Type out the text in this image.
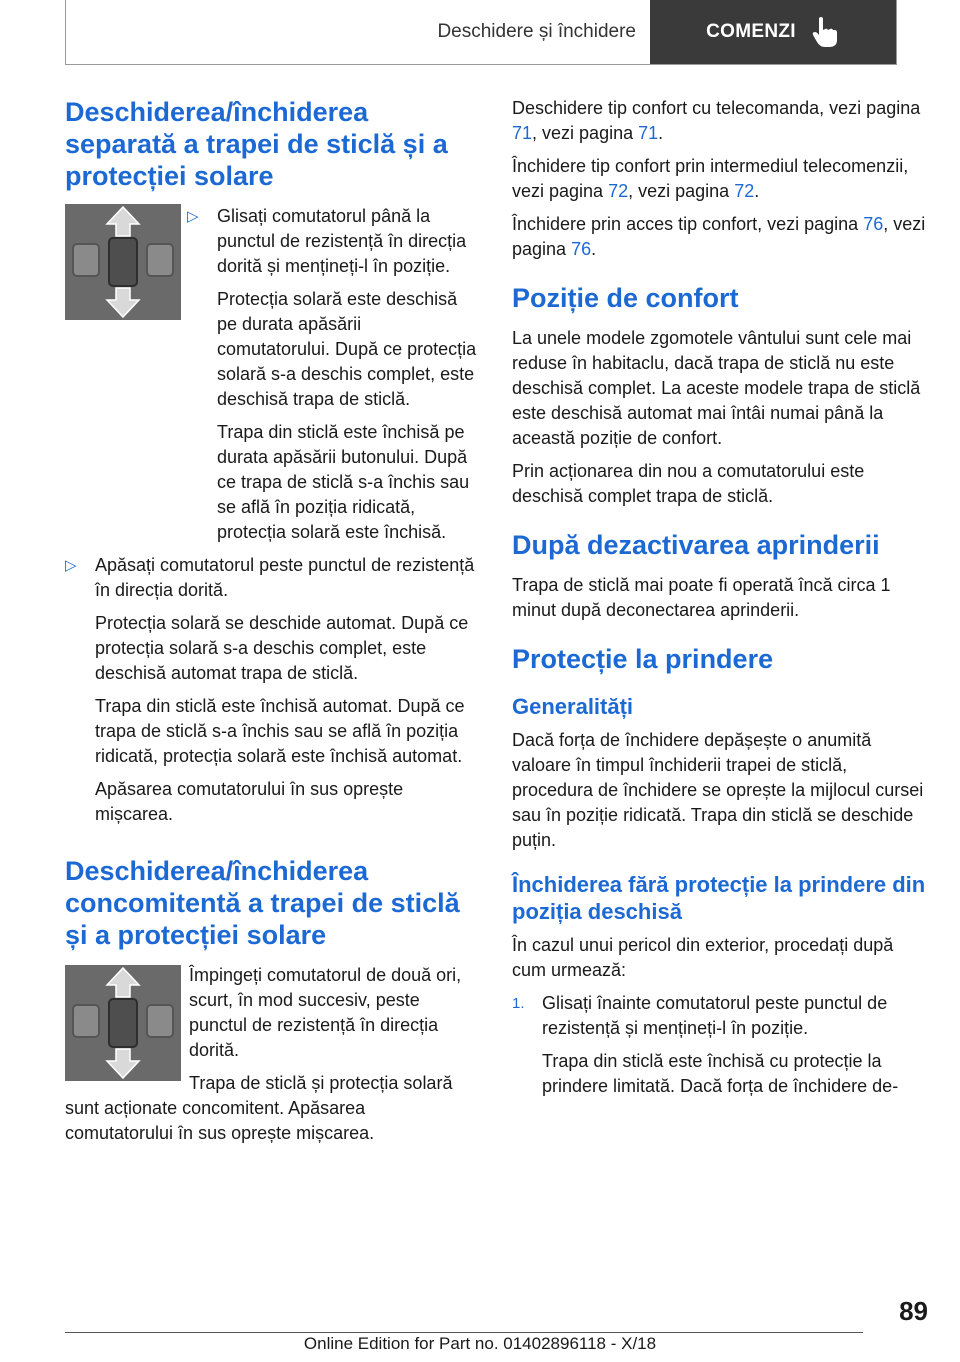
Deschidere și închidere	COMENZI
Deschiderea/închiderea separată a trapei de sticlă și a protecției solare
▷	Glisați comutatorul până la punctul de rezistență în direcția dorită și mențineți-l în poziție.

Protecția solară este deschisă pe durata apăsării comutatorului. După ce protecția solară s-a deschis complet, este deschisă trapa de sticlă.

Trapa din sticlă este închisă pe durata apăsării butonului. După ce trapa de sticlă s-a închis sau se află în poziția ridicată, protecția solară este închisă.

▷	Apăsați comutatorul peste punctul de rezistență în direcția dorită.

Protecția solară se deschide automat. După ce protecția solară s-a deschis complet, este deschisă automat trapa de sticlă.

Trapa din sticlă este închisă automat. După ce trapa de sticlă s-a închis sau se află în poziția ridicată, protecția solară este închisă automat.

Apăsarea comutatorului în sus oprește mișcarea.

Deschiderea/închiderea concomitentă a trapei de sticlă și a protecției solare

Împingeți comutatorul de două ori, scurt, în mod succesiv, peste punctul de rezistență în direcția dorită.

Trapa de sticlă și protecția solară sunt acționate concomitent. Apăsarea comutatorului în sus oprește mișcarea.

Deschidere tip confort cu telecomanda, vezi pagina 71, vezi pagina 71.

Închidere tip confort prin intermediul telecomenzii, vezi pagina 72, vezi pagina 72.

Închidere prin acces tip confort, vezi pagina 76, vezi pagina 76.

Poziție de confort

La unele modele zgomotele vântului sunt cele mai reduse în habitaclu, dacă trapa de sticlă nu este deschisă complet. La aceste modele trapa de sticlă este deschisă automat mai întâi numai până la această poziție de confort.

Prin acționarea din nou a comutatorului este deschisă complet trapa de sticlă.

După dezactivarea aprinderii

Trapa de sticlă mai poate fi operată încă circa 1 minut după deconectarea aprinderii.

Protecție la prindere
Generalități

Dacă forța de închidere depășește o anumită valoare în timpul închiderii trapei de sticlă, procedura de închidere se oprește la mijlocul cursei sau în poziție ridicată. Trapa din sticlă se deschide puțin.

Închiderea fără protecție la prindere din poziția deschisă

În cazul unui pericol din exterior, procedați după cum urmează:

1. Glisați înainte comutatorul peste punctul de rezistență și mențineți-l în poziție.

Trapa din sticlă este închisă cu protecție la prindere limitată. Dacă forța de închidere de-

89
Online Edition for Part no. 01402896118 - X/18
